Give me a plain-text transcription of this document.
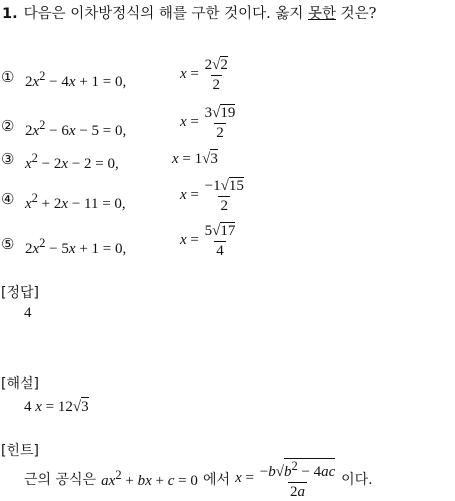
1. 다음은 이차방정식의 해를 구한 것이다. 옳지 못한 것은?
① $2x^2 - 4x + 1 = 0$,
$x = \frac{2√2}{2}$
② $2x^2 - 6x - 5 = 0$,
$x = \frac{3√19}{2}$
③ $x^2 - 2x - 2 = 0$,	x = 1√3
④ $x^2 + 2x - 11 = 0$,
$x = \frac{-1√15}{2}$
⑤ $2x^2 - 5x + 1 = 0$,
$x = \frac{5√17}{4}$
[정답]
4
[해설]
4 x = 12√3
[힌트]
근의 공식은 $ax^2$ + bx + c = 0 에서 $x = \frac{-b√b^2 - 4ac}{2a}$ 이다.
